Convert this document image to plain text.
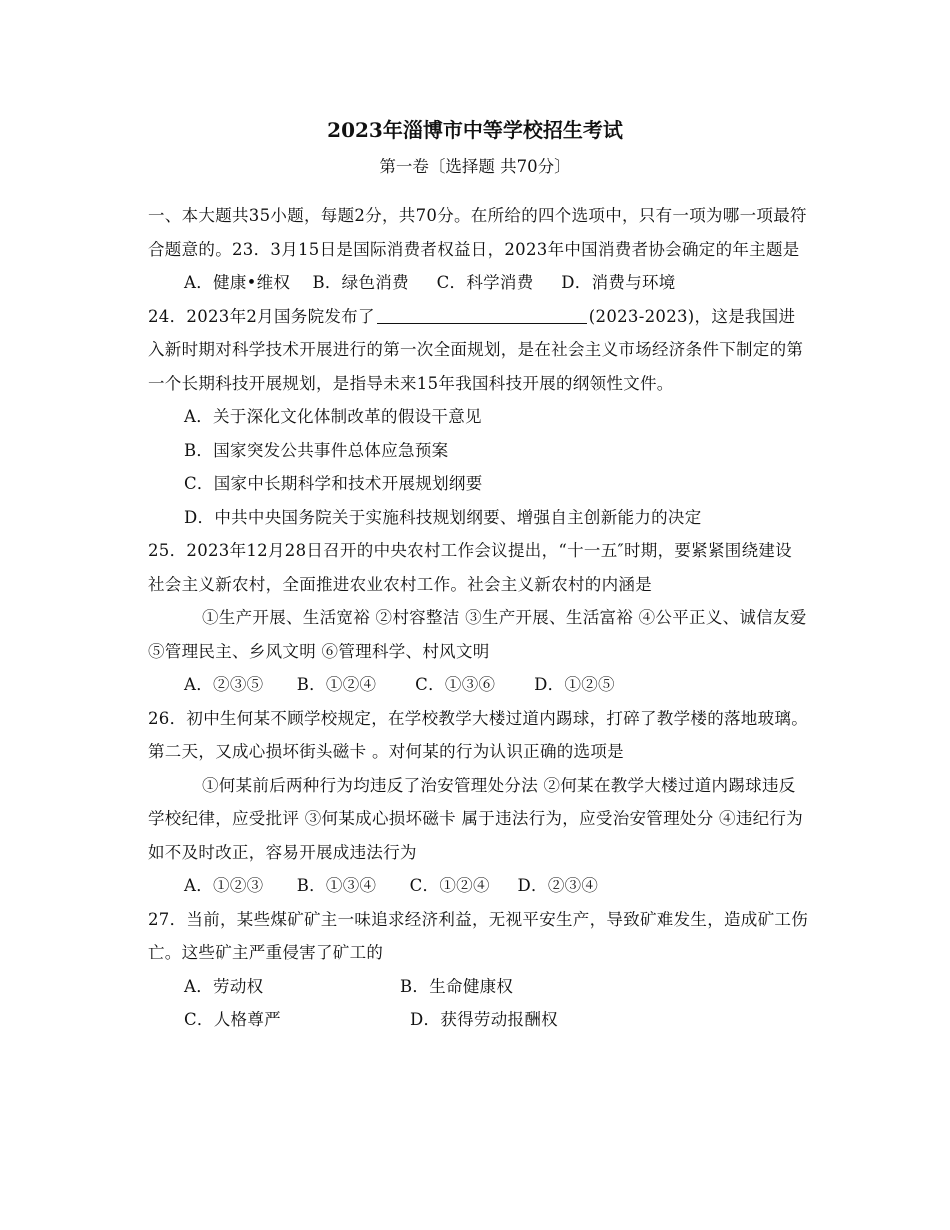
2023年淄博市中等学校招生考试
第一卷〔选择题 共70分〕

一、本大题共35小题，每题2分，共70分。在所给的四个选项中，只有一项为哪一项最符合题意的。23．3月15日是国际消费者权益日，2023年中国消费者协会确定的年主题是

A．健康•维权 B．绿色消费 C．科学消费 D．消费与环境

24．2023年2月国务院发布了	(2023-2023)，这是我国进入新时期对科学技术开展进行的第一次全面规划，是在社会主义市场经济条件下制定的第一个长期科技开展规划，是指导未来15年我国科技开展的纲领性文件。

A．关于深化文化体制改革的假设干意见

B．国家突发公共事件总体应急预案

C．国家中长期科学和技术开展规划纲要

D．中共中央国务院关于实施科技规划纲要、增强自主创新能力的决定

25．2023年12月28日召开的中央农村工作会议提出，“十一五″时期，要紧紧围绕建设社会主义新农村，全面推进农业农村工作。社会主义新农村的内涵是

①生产开展、生活宽裕 ②村容整洁 ③生产开展、生活富裕 ④公平正义、诚信友爱 ⑤管理民主、乡风文明 ⑥管理科学、村风文明

A．②③⑤ B．①②④ C．①③⑥ D．①②⑤

26．初中生何某不顾学校规定，在学校教学大楼过道内踢球，打碎了教学楼的落地玻璃。第二天，又成心损坏街头磁卡 。对何某的行为认识正确的选项是

①何某前后两种行为均违反了治安管理处分法 ②何某在教学大楼过道内踢球违反学校纪律，应受批评 ③何某成心损坏磁卡 属于违法行为，应受治安管理处分 ④违纪行为如不及时改正，容易开展成违法行为

A．①②③ B．①③④ C．①②④ D．②③④

27．当前，某些煤矿矿主一味追求经济利益，无视平安生产，导致矿难发生，造成矿工伤亡。这些矿主严重侵害了矿工的

A．劳动权	B．生命健康权

C．人格尊严	D．获得劳动报酬权
